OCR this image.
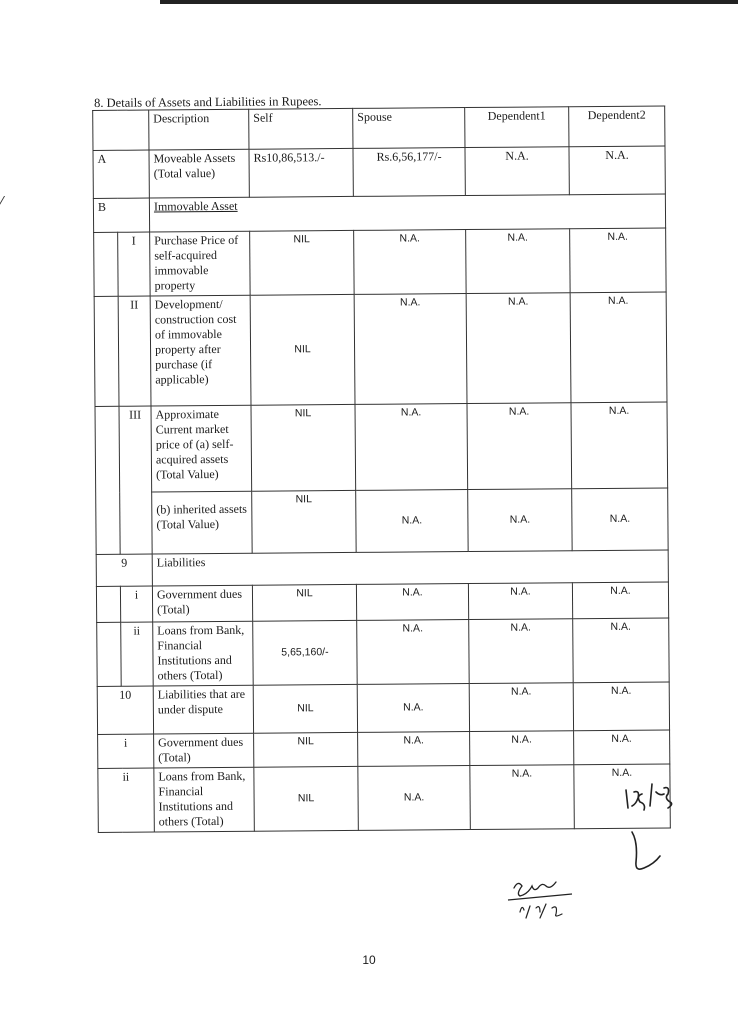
8. Details of Assets and Liabilities in Rupees.
		Description	Self	Spouse	Dependent1	Dependent2
A		Moveable Assets (Total value)	Rs10,86,513./-	Rs.6,56,177/-	N.A.	N.A.
B		Immovable Asset				
	I	Purchase Price of self-acquired immovable property	NIL	N.A.	N.A.	N.A.
	II	Development/ construction cost of immovable property after purchase (if applicable)	NIL	N.A.	N.A.	N.A.
	III	Approximate Current market price of (a) self-acquired assets (Total Value)	NIL	N.A.	N.A.	N.A.
		(b) inherited assets (Total Value)	NIL	N.A.	N.A.	N.A.
9		Liabilities				
	i	Government dues (Total)	NIL	N.A.	N.A.	N.A.
	ii	Loans from Bank, Financial Institutions and others (Total)	5,65,160/-	N.A.	N.A.	N.A.
10		Liabilities that are under dispute	NIL	N.A.	N.A.	N.A.
i		Government dues (Total)	NIL	N.A.	N.A.	N.A.
ii		Loans from Bank, Financial Institutions and others (Total)	NIL	N.A.	N.A.	N.A.
10
